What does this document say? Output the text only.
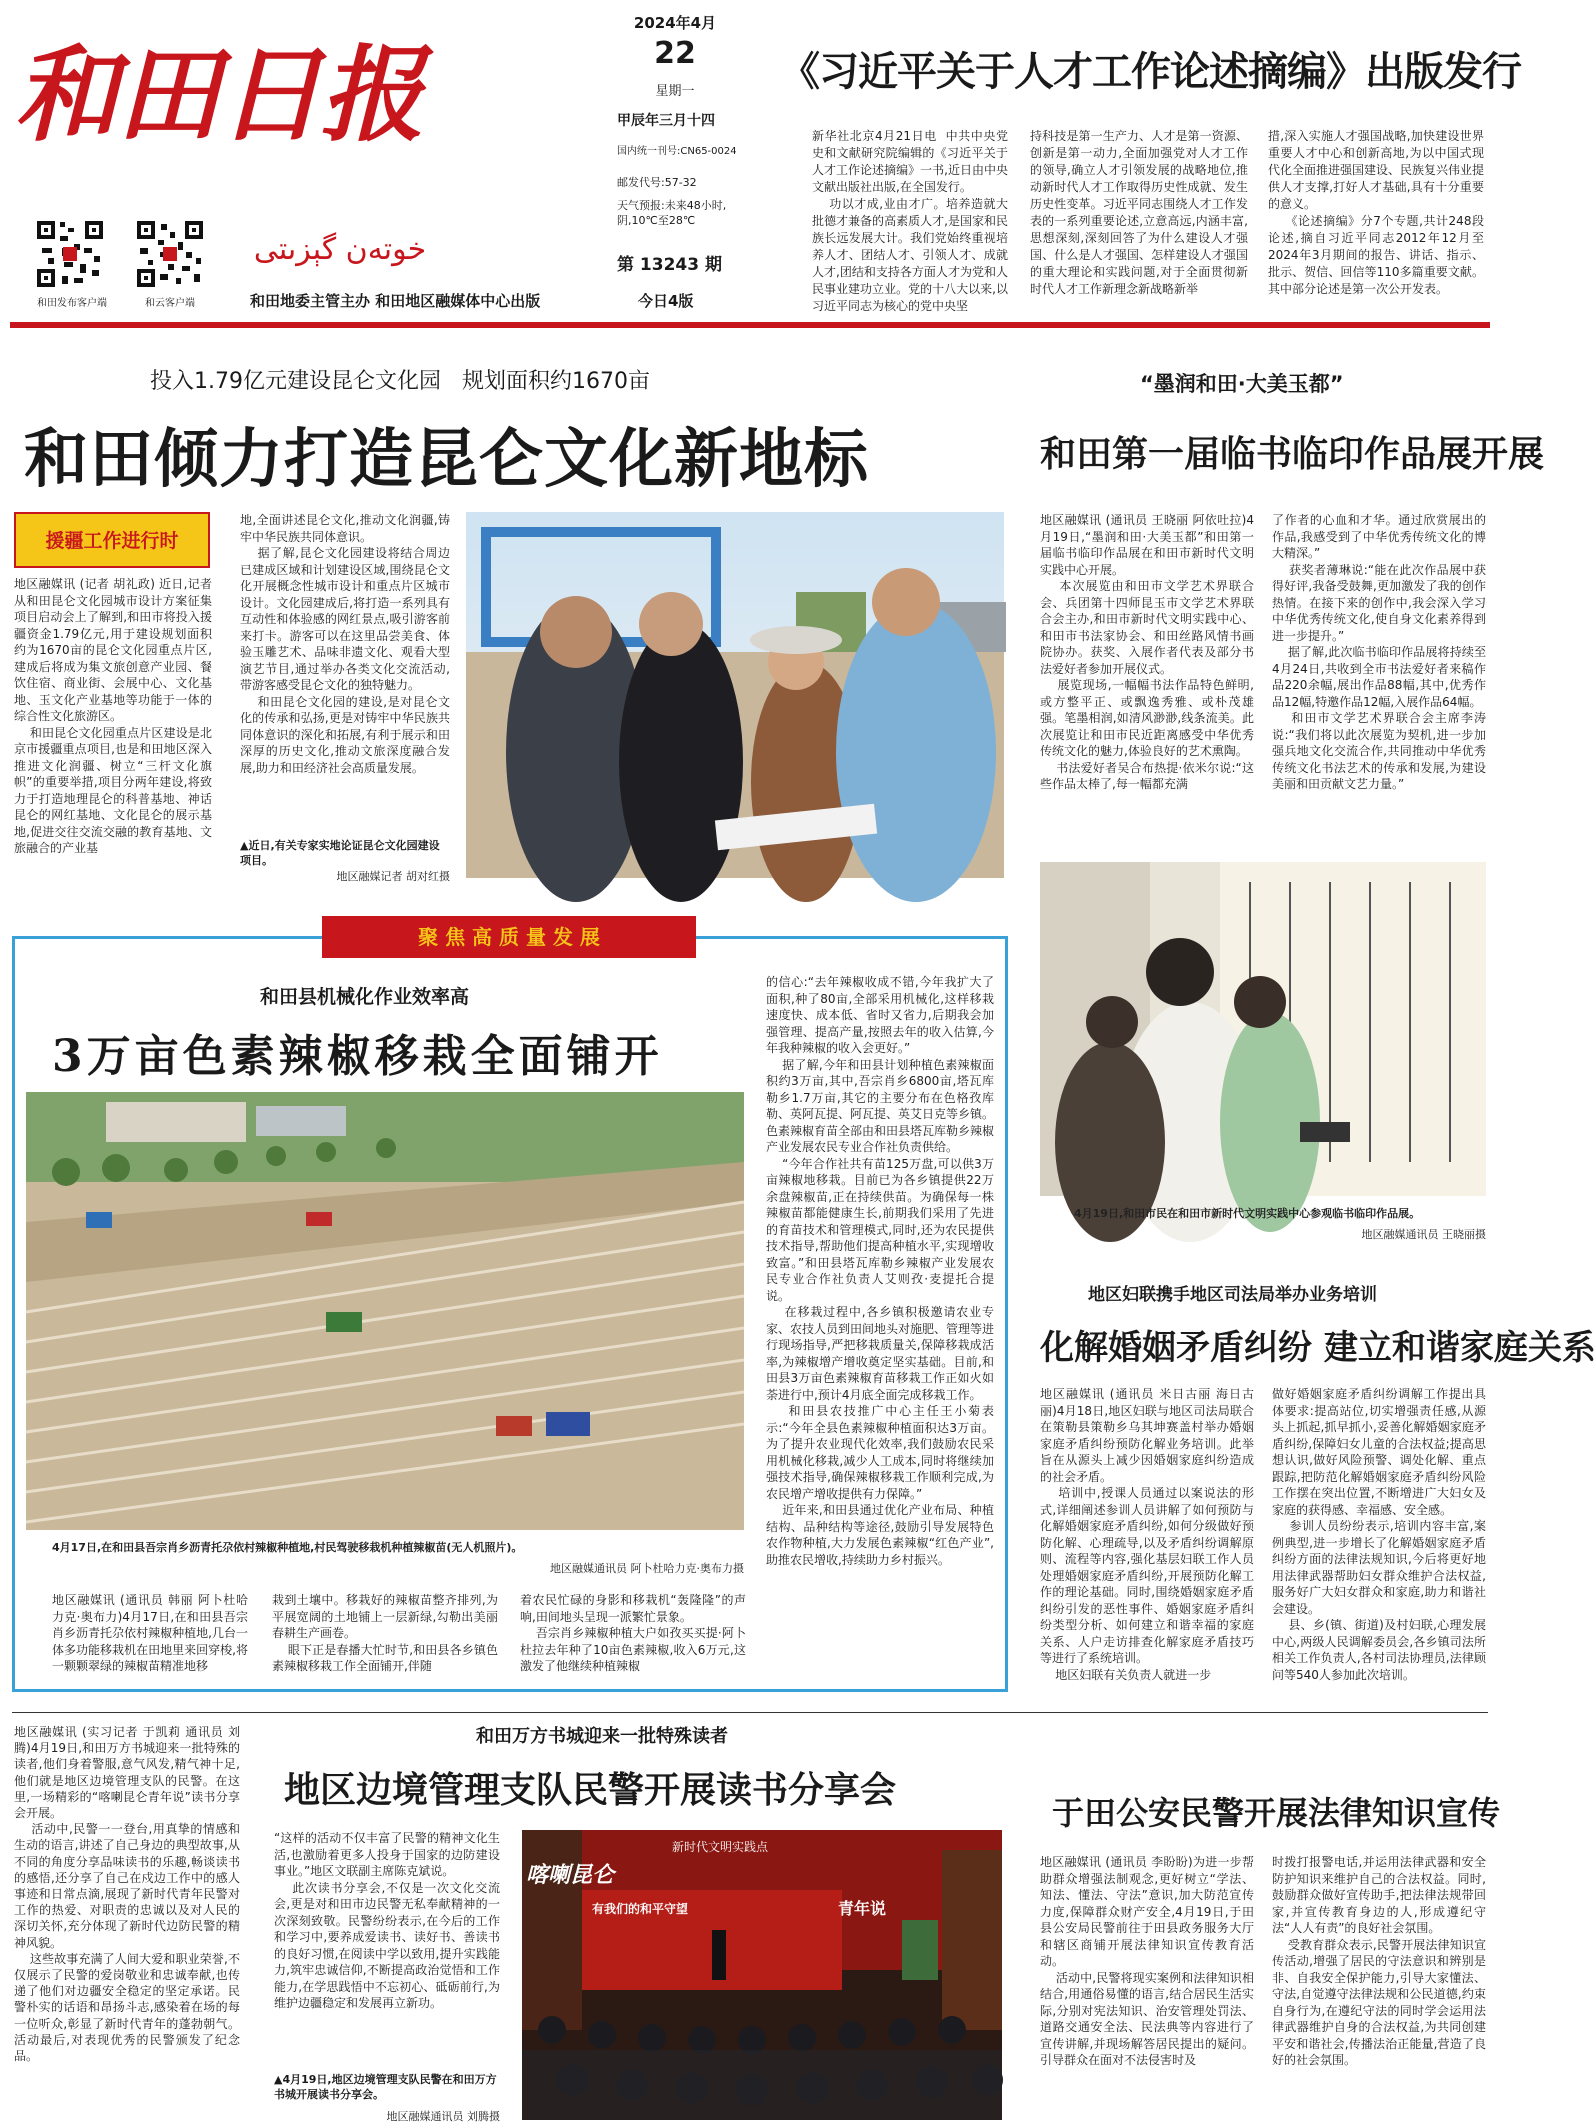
和田日报
和田发布客户端	和云客户端
خوتەن گېزىتى
和田地委主管主办 和田地区融媒体中心出版
2024年4月
22
星期一
甲辰年三月十四
国内统一刊号:CN65-0024
邮发代号:57-32
天气预报:未来48小时,阴,10℃至28℃
第 13243 期
今日4版
《习近平关于人才工作论述摘编》出版发行
新华社北京4月21日电  中共中央党史和文献研究院编辑的《习近平关于人才工作论述摘编》一书,近日由中央文献出版社出版,在全国发行。
功以才成,业由才广。培养造就大批德才兼备的高素质人才,是国家和民族长远发展大计。我们党始终重视培养人才、团结人才、引领人才、成就人才,团结和支持各方面人才为党和人民事业建功立业。党的十八大以来,以习近平同志为核心的党中央坚
持科技是第一生产力、人才是第一资源、创新是第一动力,全面加强党对人才工作的领导,确立人才引领发展的战略地位,推动新时代人才工作取得历史性成就、发生历史性变革。习近平同志围绕人才工作发表的一系列重要论述,立意高远,内涵丰富,思想深刻,深刻回答了为什么建设人才强国、什么是人才强国、怎样建设人才强国的重大理论和实践问题,对于全面贯彻新时代人才工作新理念新战略新举
措,深入实施人才强国战略,加快建设世界重要人才中心和创新高地,为以中国式现代化全面推进强国建设、民族复兴伟业提供人才支撑,打好人才基础,具有十分重要的意义。
《论述摘编》分7个专题,共计248段论述,摘自习近平同志2012年12月至2024年3月期间的报告、讲话、指示、批示、贺信、回信等110多篇重要文献。其中部分论述是第一次公开发表。
投入1.79亿元建设昆仑文化园   规划面积约1670亩
和田倾力打造昆仑文化新地标
援疆工作进行时
地区融媒讯 (记者 胡礼政) 近日,记者从和田昆仑文化园城市设计方案征集项目启动会上了解到,和田市将投入援疆资金1.79亿元,用于建设规划面积约为1670亩的昆仑文化园重点片区,建成后将成为集文旅创意产业园、餐饮住宿、商业街、会展中心、文化基地、玉文化产业基地等功能于一体的综合性文化旅游区。
和田昆仑文化园重点片区建设是北京市援疆重点项目,也是和田地区深入推进文化润疆、树立“三杆文化旗帜”的重要举措,项目分两年建设,将致力于打造地理昆仑的科普基地、神话昆仑的网红基地、文化昆仑的展示基地,促进交往交流交融的教育基地、文旅融合的产业基
地,全面讲述昆仑文化,推动文化润疆,铸牢中华民族共同体意识。
据了解,昆仑文化园建设将结合周边已建成区域和计划建设区域,围绕昆仑文化开展概念性城市设计和重点片区城市设计。文化园建成后,将打造一系列具有互动性和体验感的网红景点,吸引游客前来打卡。游客可以在这里品尝美食、体验玉雕艺术、品味非遗文化、观看大型演艺节目,通过举办各类文化交流活动,带游客感受昆仑文化的独特魅力。
和田昆仑文化园的建设,是对昆仑文化的传承和弘扬,更是对铸牢中华民族共同体意识的深化和拓展,有利于展示和田深厚的历史文化,推动文旅深度融合发展,助力和田经济社会高质量发展。
▲近日,有关专家实地论证昆仑文化园建设项目。
地区融媒记者 胡对红摄
“墨润和田·大美玉都”
和田第一届临书临印作品展开展
地区融媒讯 (通讯员 王晓丽 阿依吐拉)4月19日,“墨润和田·大美玉都”和田第一届临书临印作品展在和田市新时代文明实践中心开展。
本次展览由和田市文学艺术界联合会、兵团第十四师昆玉市文学艺术界联合会主办,和田市新时代文明实践中心、和田市书法家协会、和田丝路风情书画院协办。获奖、入展作者代表及部分书法爱好者参加开展仪式。
展览现场,一幅幅书法作品特色鲜明,或方整平正、或飘逸秀雅、或朴茂雄强。笔墨相润,如清风渺渺,线条流美。此次展览让和田市民近距离感受中华优秀传统文化的魅力,体验良好的艺术熏陶。
书法爱好者吴合布热提·依米尔说:“这些作品太棒了,每一幅都充满
了作者的心血和才华。通过欣赏展出的作品,我感受到了中华优秀传统文化的博大精深。”
获奖者薄琳说:“能在此次作品展中获得好评,我备受鼓舞,更加激发了我的创作热情。在接下来的创作中,我会深入学习中华优秀传统文化,使自身文化素养得到进一步提升。”
据了解,此次临书临印作品展将持续至4月24日,共收到全市书法爱好者来稿作品220余幅,展出作品88幅,其中,优秀作品12幅,特邀作品12幅,入展作品64幅。
和田市文学艺术界联合会主席李涛说:“我们将以此次展览为契机,进一步加强兵地文化交流合作,共同推动中华优秀传统文化书法艺术的传承和发展,为建设美丽和田贡献文艺力量。”
4月19日,和田市民在和田市新时代文明实践中心参观临书临印作品展。
地区融媒通讯员 王晓丽摄
聚 焦 高 质 量 发 展
和田县机械化作业效率高
3万亩色素辣椒移栽全面铺开
4月17日,在和田县吾宗肖乡沥青托尕依村辣椒种植地,村民驾驶移栽机种植辣椒苗(无人机照片)。
地区融媒通讯员 阿卜杜哈力克·奥布力摄
的信心:“去年辣椒收成不错,今年我扩大了面积,种了80亩,全部采用机械化,这样移栽速度快、成本低、省时又省力,后期我会加强管理、提高产量,按照去年的收入估算,今年我种辣椒的收入会更好。”
据了解,今年和田县计划种植色素辣椒面积约3万亩,其中,吾宗肖乡6800亩,塔瓦库勒乡1.7万亩,其它的主要分布在色格孜库勒、英阿瓦提、阿瓦提、英艾日克等乡镇。色素辣椒育苗全部由和田县塔瓦库勒乡辣椒产业发展农民专业合作社负责供给。
“今年合作社共有苗125万盘,可以供3万亩辣椒地移栽。目前已为各乡镇提供22万余盘辣椒苗,正在持续供苗。为确保每一株辣椒苗都能健康生长,前期我们采用了先进的育苗技术和管理模式,同时,还为农民提供技术指导,帮助他们提高种植水平,实现增收致富。”和田县塔瓦库勒乡辣椒产业发展农民专业合作社负责人艾则孜·麦提托合提说。
在移栽过程中,各乡镇积极邀请农业专家、农技人员到田间地头对施肥、管理等进行现场指导,严把移栽质量关,保障移栽成活率,为辣椒增产增收奠定坚实基础。目前,和田县3万亩色素辣椒育苗移栽工作正如火如荼进行中,预计4月底全面完成移栽工作。
和田县农技推广中心主任王小菊表示:“今年全县色素辣椒种植面积达3万亩。为了提升农业现代化效率,我们鼓励农民采用机械化移栽,减少人工成本,同时将继续加强技术指导,确保辣椒移栽工作顺利完成,为农民增产增收提供有力保障。”
近年来,和田县通过优化产业布局、种植结构、品种结构等途径,鼓励引导发展特色农作物种植,大力发展色素辣椒“红色产业”,助推农民增收,持续助力乡村振兴。
地区融媒讯 (通讯员 韩丽 阿卜杜哈力克·奥布力)4月17日,在和田县吾宗肖乡沥青托尕依村辣椒种植地,几台一体多功能移栽机在田地里来回穿梭,将一颗颗翠绿的辣椒苗精准地移
栽到土壤中。移栽好的辣椒苗整齐排列,为平展宽阔的土地铺上一层新绿,勾勒出美丽春耕生产画卷。
眼下正是春播大忙时节,和田县各乡镇色素辣椒移栽工作全面铺开,伴随
着农民忙碌的身影和移栽机“轰隆隆”的声响,田间地头呈现一派繁忙景象。
吾宗肖乡辣椒种植大户如孜买买提·阿卜杜拉去年种了10亩色素辣椒,收入6万元,这激发了他继续种植辣椒
地区妇联携手地区司法局举办业务培训
化解婚姻矛盾纠纷 建立和谐家庭关系
地区融媒讯 (通讯员 米日古丽 海日古丽)4月18日,地区妇联与地区司法局联合在策勒县策勒乡乌其坤赛盖村举办婚姻家庭矛盾纠纷预防化解业务培训。此举旨在从源头上减少因婚姻家庭纠纷造成的社会矛盾。
培训中,授课人员通过以案说法的形式,详细阐述参训人员讲解了如何预防与化解婚姻家庭矛盾纠纷,如何分级做好预防化解、心理疏导,以及矛盾纠纷调解原则、流程等内容,强化基层妇联工作人员处理婚姻家庭矛盾纠纷,开展预防化解工作的理论基础。同时,围绕婚姻家庭矛盾纠纷引发的恶性事件、婚姻家庭矛盾纠纷类型分析、如何建立和谐幸福的家庭关系、人户走访排查化解家庭矛盾技巧等进行了系统培训。
地区妇联有关负责人就进一步
做好婚姻家庭矛盾纠纷调解工作提出具体要求:提高站位,切实增强责任感,从源头上抓起,抓早抓小,妥善化解婚姻家庭矛盾纠纷,保障妇女儿童的合法权益;提高思想认识,做好风险预警、调处化解、重点跟踪,把防范化解婚姻家庭矛盾纠纷风险工作摆在突出位置,不断增进广大妇女及家庭的获得感、幸福感、安全感。
参训人员纷纷表示,培训内容丰富,案例典型,进一步增长了化解婚姻家庭矛盾纠纷方面的法律法规知识,今后将更好地用法律武器帮助妇女群众维护合法权益,服务好广大妇女群众和家庭,助力和谐社会建设。
县、乡(镇、街道)及村妇联,心理发展中心,两级人民调解委员会,各乡镇司法所相关工作负责人,各村司法协理员,法律顾问等540人参加此次培训。
和田万方书城迎来一批特殊读者
地区边境管理支队民警开展读书分享会
地区融媒讯 (实习记者 于凯莉 通讯员 刘腾)4月19日,和田万方书城迎来一批特殊的读者,他们身着警服,意气风发,精气神十足,他们就是地区边境管理支队的民警。在这里,一场精彩的“喀喇昆仑青年说”读书分享会开展。
活动中,民警一一登台,用真挚的情感和生动的语言,讲述了自己身边的典型故事,从不同的角度分享品味读书的乐趣,畅谈读书的感悟,还分享了自己在戍边工作中的感人事迹和日常点滴,展现了新时代青年民警对工作的热爱、对职责的忠诚以及对人民的深切关怀,充分体现了新时代边防民警的精神风貌。
这些故事充满了人间大爱和职业荣誉,不仅展示了民警的爱岗敬业和忠诚奉献,也传递了他们对边疆安全稳定的坚定承诺。民警朴实的话语和昂扬斗志,感染着在场的每一位听众,彰显了新时代青年的蓬勃朝气。活动最后,对表现优秀的民警颁发了纪念品。
“这样的活动不仅丰富了民警的精神文化生活,也激励着更多人投身于国家的边防建设事业。”地区文联副主席陈克斌说。
此次读书分享会,不仅是一次文化交流会,更是对和田市边民警无私奉献精神的一次深刻致敬。民警纷纷表示,在今后的工作和学习中,要养成爱读书、读好书、善读书的良好习惯,在阅读中学以致用,提升实践能力,筑牢忠诚信仰,不断提高政治觉悟和工作能力,在学思践悟中不忘初心、砥砺前行,为维护边疆稳定和发展再立新功。
▲4月19日,地区边境管理支队民警在和田万方书城开展读书分享会。
地区融媒通讯员 刘腾摄
新时代文明实践点
喀喇昆仑
有我们的和平守望	青年说
于田公安民警开展法律知识宣传
地区融媒讯 (通讯员 李盼盼)为进一步帮助群众增强法制观念,更好树立“学法、知法、懂法、守法”意识,加大防范宣传力度,保障群众财产安全,4月19日,于田县公安局民警前往于田县政务服务大厅和辖区商铺开展法律知识宣传教育活动。
活动中,民警将现实案例和法律知识相结合,用通俗易懂的语言,结合居民生活实际,分别对宪法知识、治安管理处罚法、道路交通安全法、民法典等内容进行了宣传讲解,并现场解答居民提出的疑问。引导群众在面对不法侵害时及
时拨打报警电话,并运用法律武器和安全防护知识来维护自己的合法权益。同时,鼓励群众做好宣传助手,把法律法规带回家,并宣传教育身边的人,形成遵纪守法“人人有责”的良好社会氛围。
受教育群众表示,民警开展法律知识宣传活动,增强了居民的守法意识和辨别是非、自我安全保护能力,引导大家懂法、守法,自觉遵守法律法规和公民道德,约束自身行为,在遵纪守法的同时学会运用法律武器维护自身的合法权益,为共同创建平安和谐社会,传播法治正能量,营造了良好的社会氛围。
